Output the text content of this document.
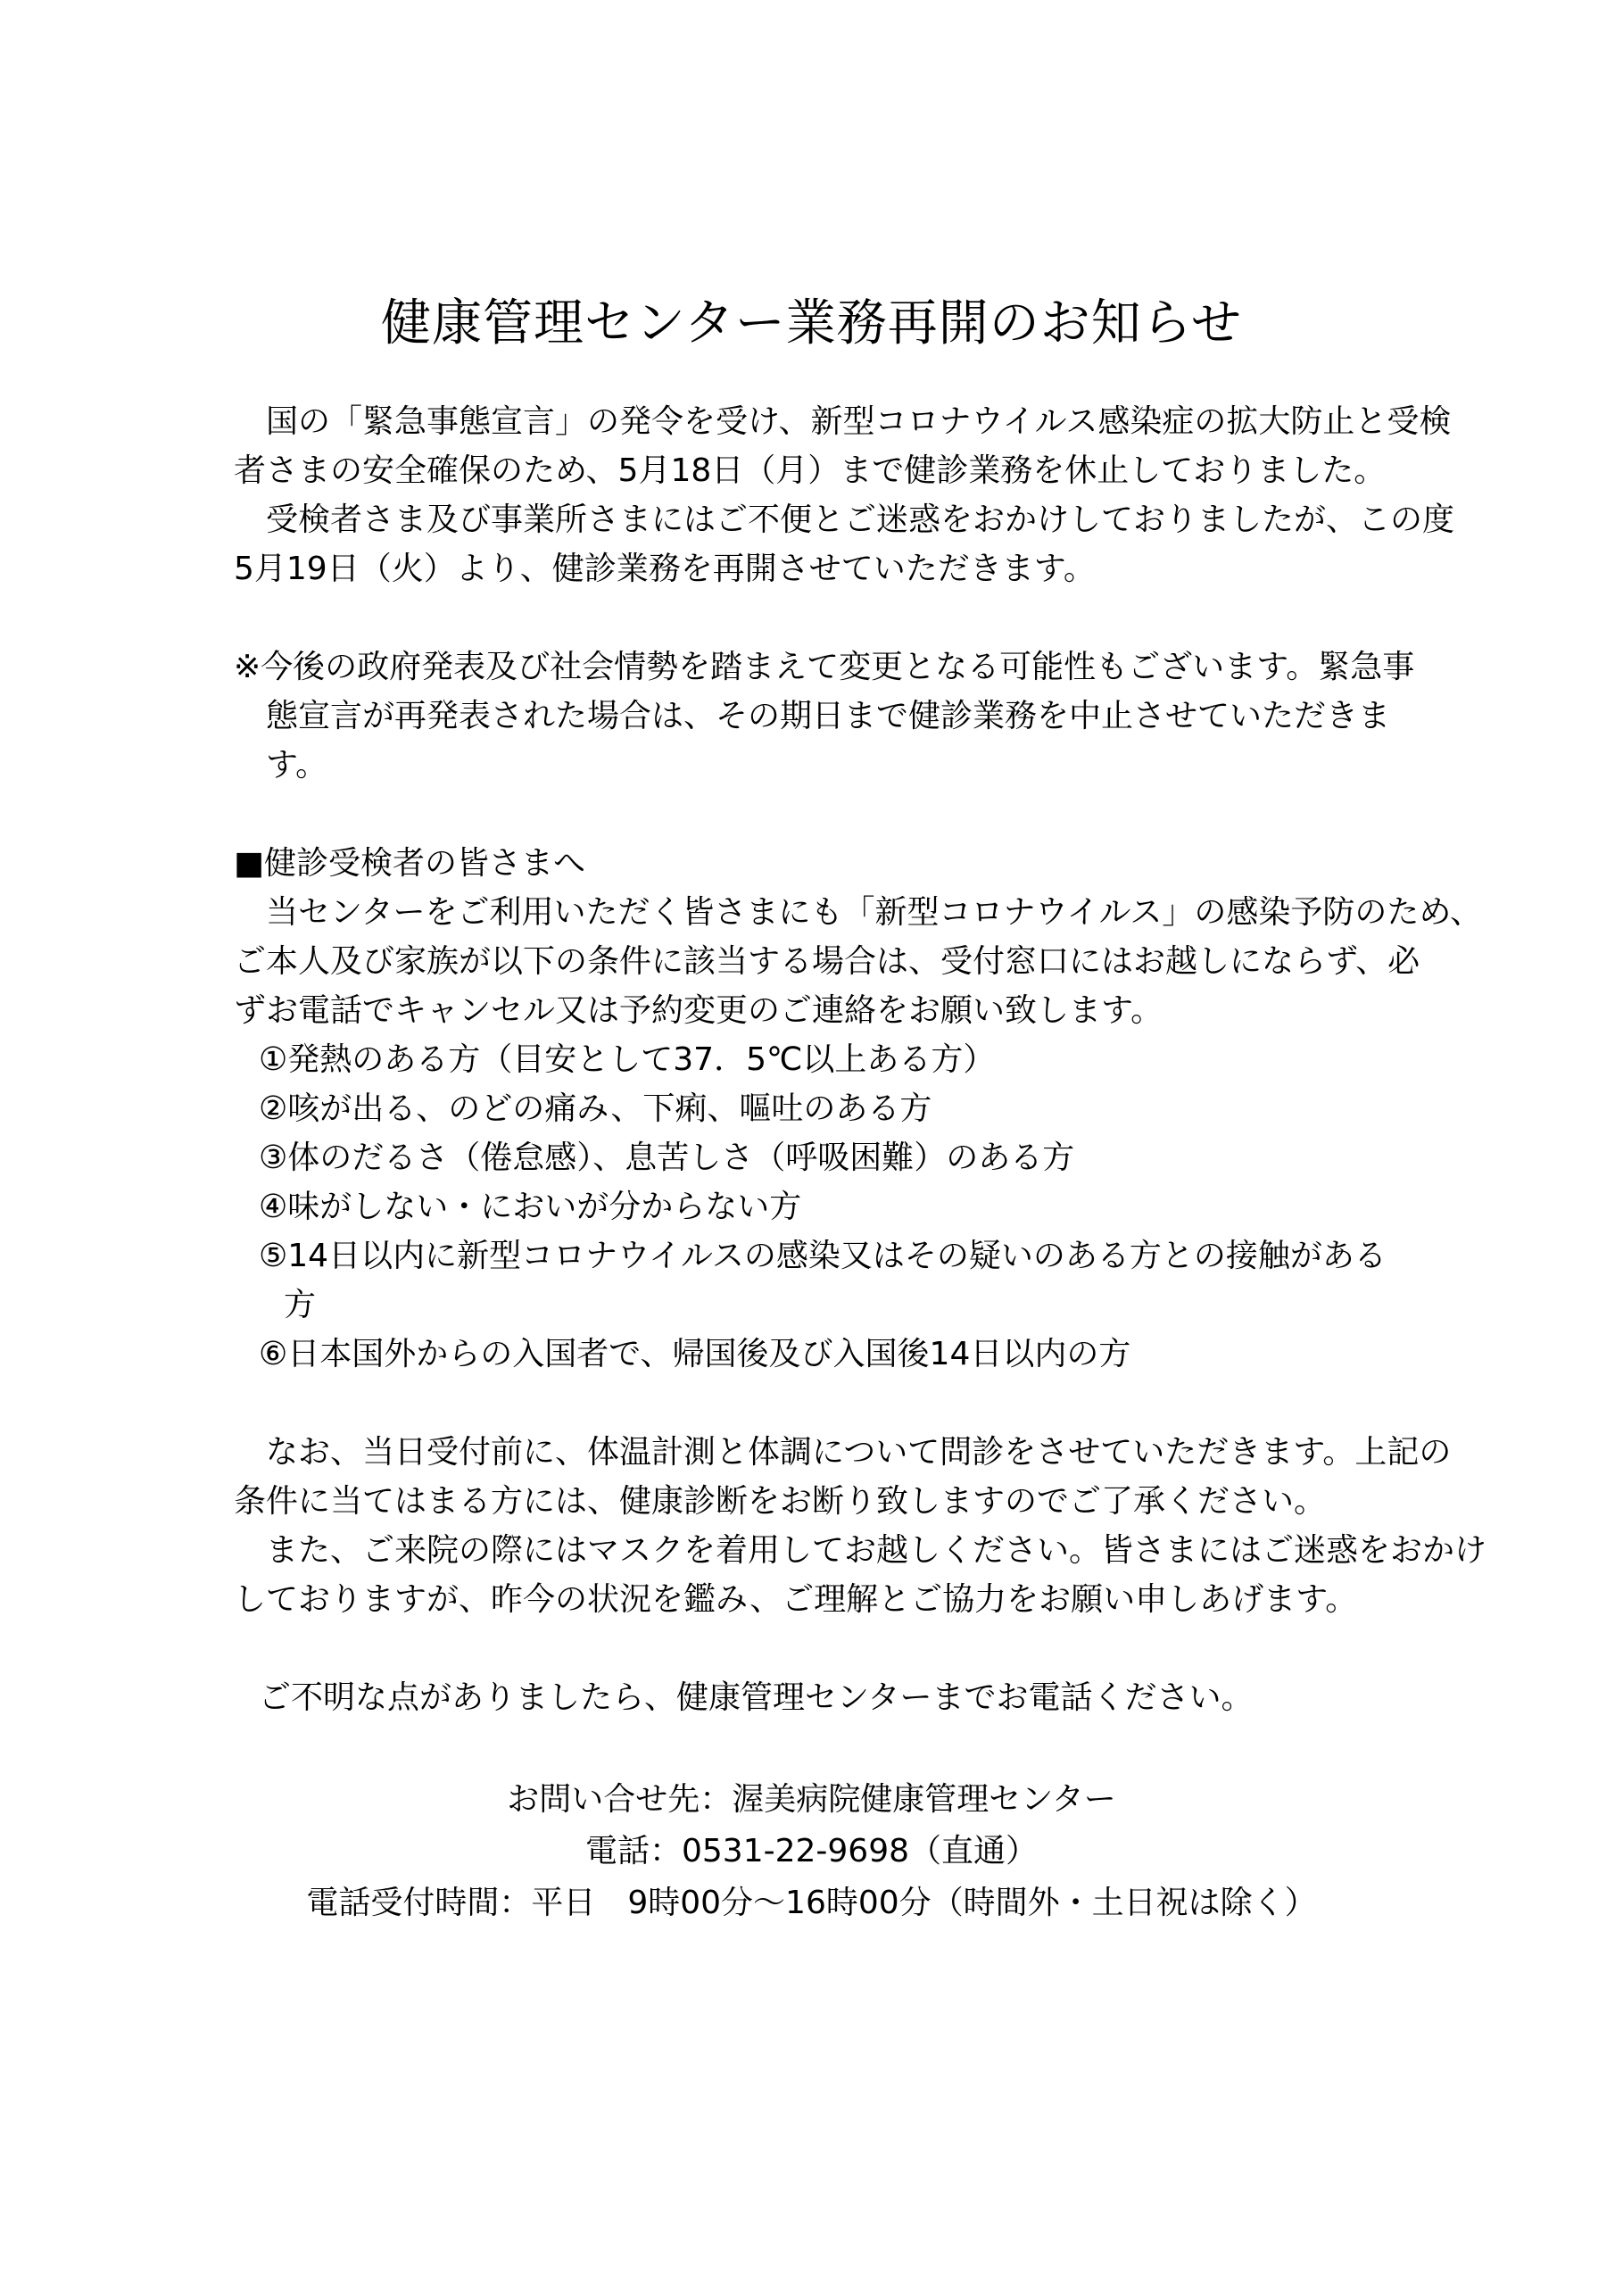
健康管理センター業務再開のお知らせ
国の「緊急事態宣言」の発令を受け、新型コロナウイルス感染症の拡大防止と受検
者さまの安全確保のため、5月18日（月）まで健診業務を休止しておりました。
受検者さま及び事業所さまにはご不便とご迷惑をおかけしておりましたが、この度
5月19日（火）より、健診業務を再開させていただきます。
※今後の政府発表及び社会情勢を踏まえて変更となる可能性もございます。緊急事
態宣言が再発表された場合は、その期日まで健診業務を中止させていただきま
す。
■健診受検者の皆さまへ
当センターをご利用いただく皆さまにも「新型コロナウイルス」の感染予防のため、
ご本人及び家族が以下の条件に該当する場合は、受付窓口にはお越しにならず、必
ずお電話でキャンセル又は予約変更のご連絡をお願い致します。
①発熱のある方（目安として37．5℃以上ある方）
②咳が出る、のどの痛み、下痢、嘔吐のある方
③体のだるさ（倦怠感）、息苦しさ（呼吸困難）のある方
④味がしない・においが分からない方
⑤14日以内に新型コロナウイルスの感染又はその疑いのある方との接触がある
方
⑥日本国外からの入国者で、帰国後及び入国後14日以内の方
なお、当日受付前に、体温計測と体調について問診をさせていただきます。上記の
条件に当てはまる方には、健康診断をお断り致しますのでご了承ください。
また、ご来院の際にはマスクを着用してお越しください。皆さまにはご迷惑をおかけ
しておりますが、昨今の状況を鑑み、ご理解とご協力をお願い申しあげます。
ご不明な点がありましたら、健康管理センターまでお電話ください。
お問い合せ先：渥美病院健康管理センター
電話：0531-22-9698（直通）
電話受付時間：平日　9時00分～16時00分（時間外・土日祝は除く）
